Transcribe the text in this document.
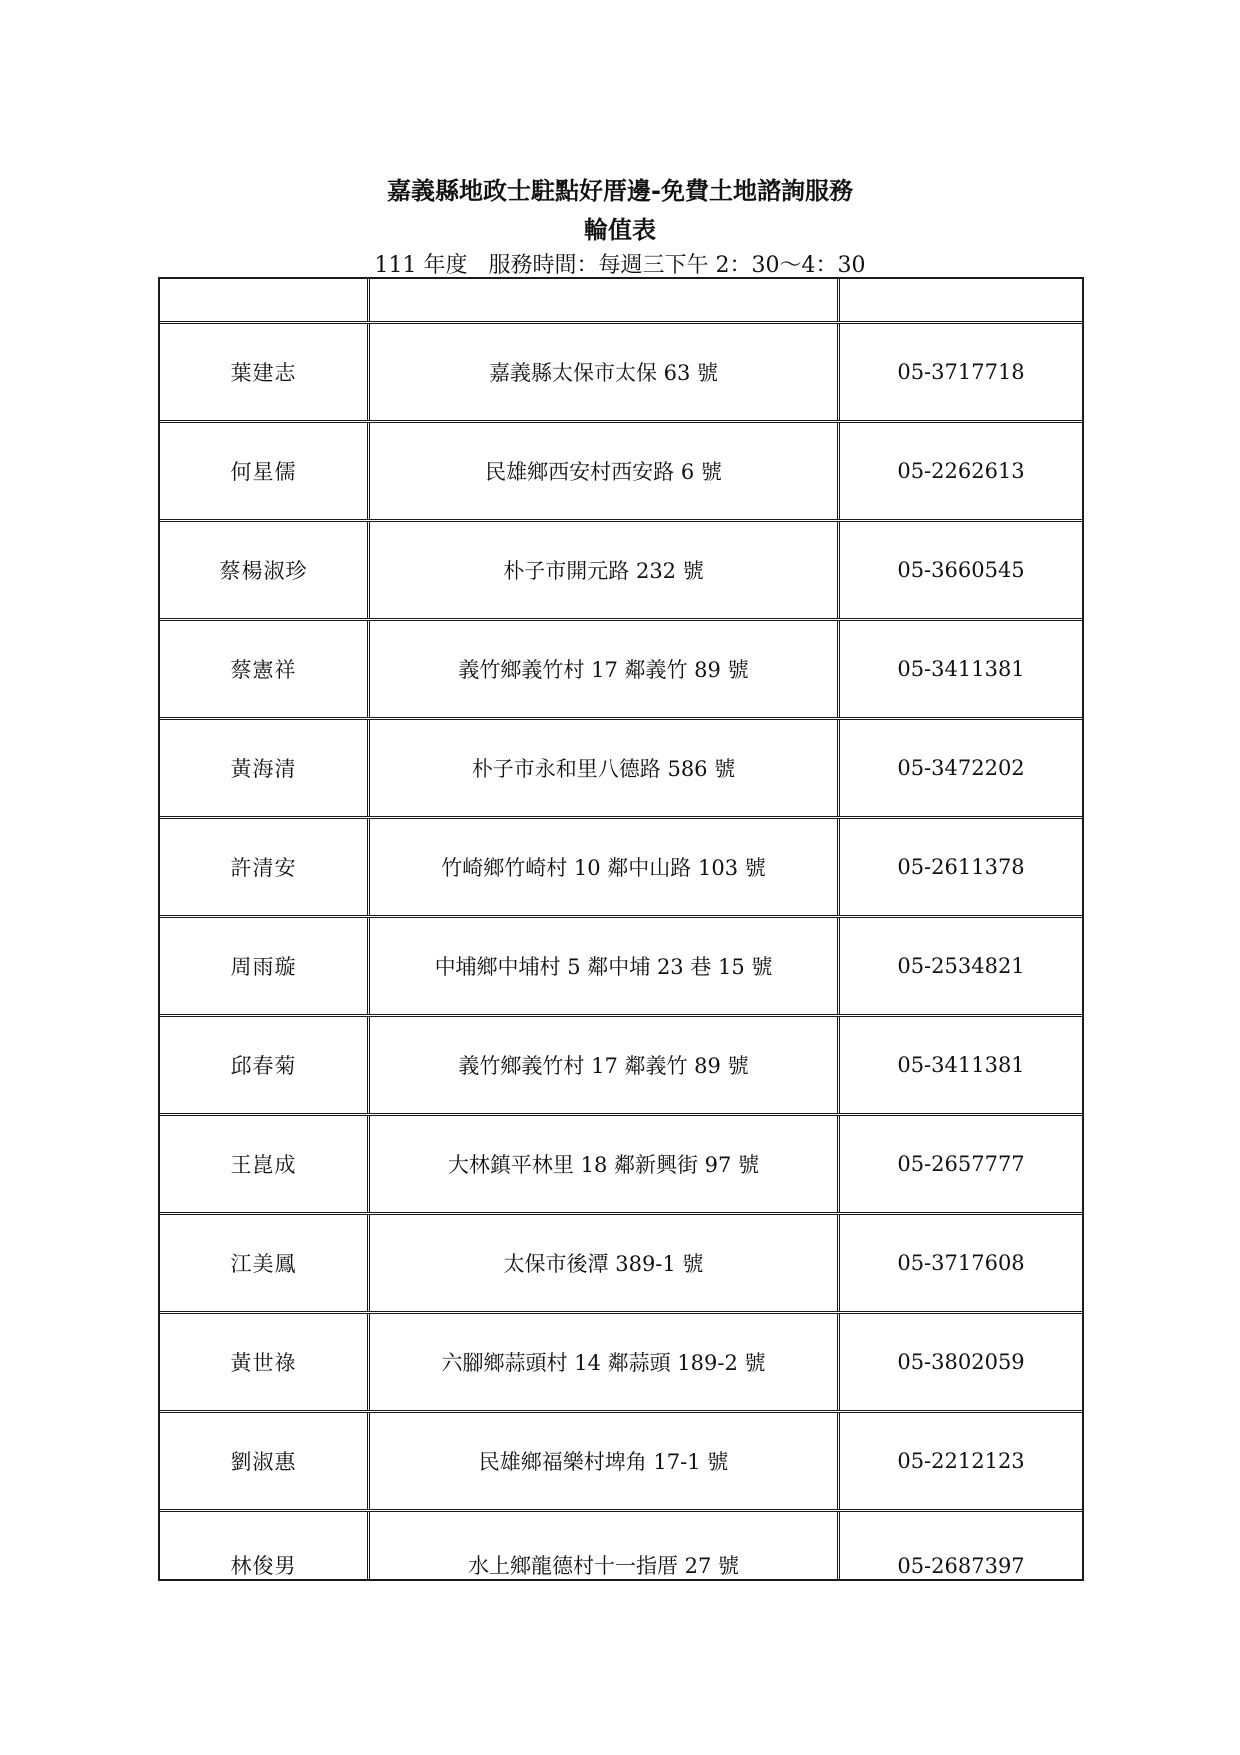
嘉義縣地政士駐點好厝邊-免費土地諮詢服務
輪值表
111 年度   服務時間：每週三下午 2：30～4：30
葉建志	嘉義縣太保市太保 63 號	05-3717718
何星儒	民雄鄉西安村西安路 6 號	05-2262613
蔡楊淑珍	朴子市開元路 232 號	05-3660545
蔡憲祥	義竹鄉義竹村 17 鄰義竹 89 號	05-3411381
黃海清	朴子市永和里八德路 586 號	05-3472202
許清安	竹崎鄉竹崎村 10 鄰中山路 103 號	05-2611378
周雨璇	中埔鄉中埔村 5 鄰中埔 23 巷 15 號	05-2534821
邱春菊	義竹鄉義竹村 17 鄰義竹 89 號	05-3411381
王崑成	大林鎮平林里 18 鄰新興街 97 號	05-2657777
江美鳳	太保市後潭 389-1 號	05-3717608
黃世祿	六腳鄉蒜頭村 14 鄰蒜頭 189-2 號	05-3802059
劉淑惠	民雄鄉福樂村埤角 17-1 號	05-2212123
林俊男	水上鄉龍德村十一指厝 27 號	05-2687397
